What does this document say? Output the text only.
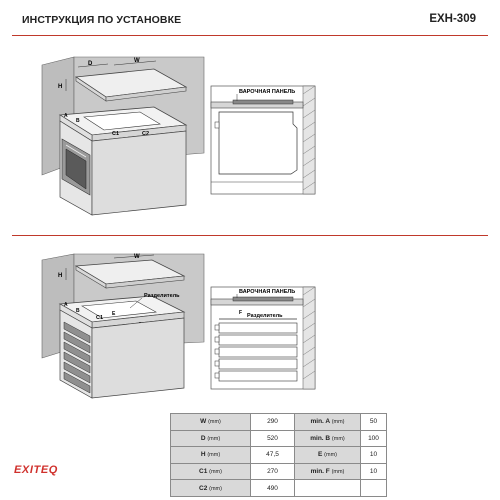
ИНСТРУКЦИЯ ПО УСТАНОВКЕ	EXH-309
D	W
H
A
B
C1	C2
ВАРОЧНАЯ ПАНЕЛЬ
H
W
Разделитель
A
B
C1
E
ВАРОЧНАЯ ПАНЕЛЬ
F Разделитель
W (mm)	290	min. A (mm)	50
D (mm)	520	min. B (mm)	100
H (mm)	47,5	E (mm)	10
C1 (mm)	270	min. F (mm)	10
C2 (mm)	490		
EXITEQ
